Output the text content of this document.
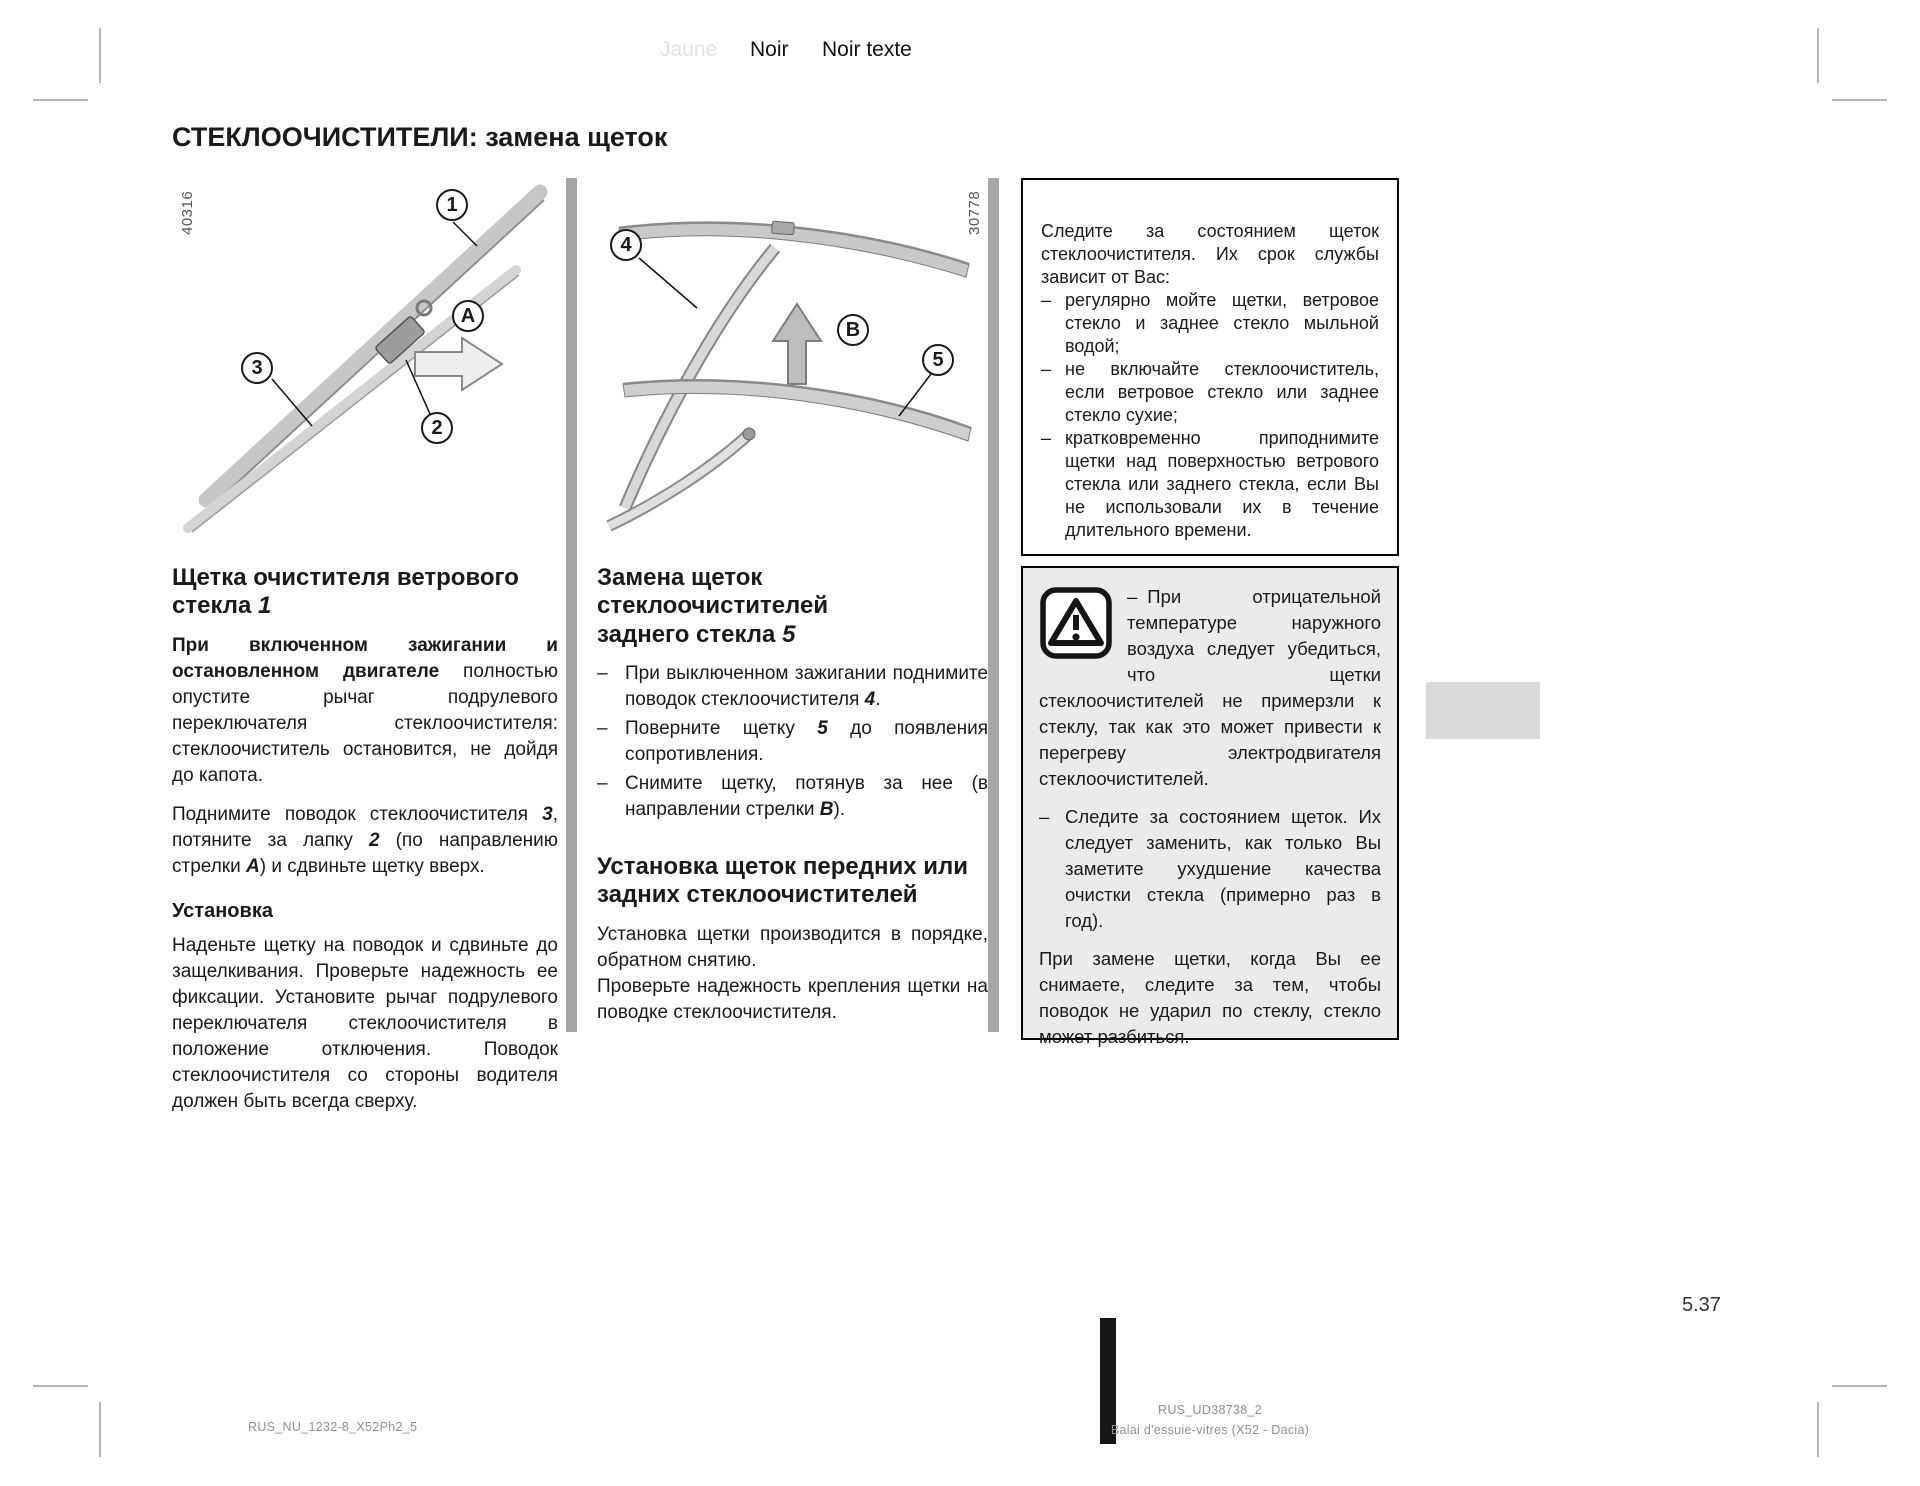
Jaune Noir Noir texte
СТЕКЛООЧИСТИТЕЛИ: замена щеток
40316	1
3
2
A
Щетка очистителя ветрового стекла 1

При включенном зажигании и остановленном двигателе полностью опустите рычаг подрулевого переключателя стеклоочистителя: стеклоочиститель остановится, не дойдя до капота.

Поднимите поводок стеклоочистителя 3, потяните за лапку 2 (по направлению стрелки А) и сдвиньте щетку вверх.

Установка

Наденьте щетку на поводок и сдвиньте до защелкивания. Проверьте надежность ее фиксации. Установите рычаг подрулевого переключателя стеклоочистителя в положение отключения. Поводок стеклоочистителя со стороны водителя должен быть всегда сверху.

30778
4
B
5
Замена щеток стеклоочистителей заднего стекла 5
– При выключенном зажигании поднимите поводок стеклоочистителя 4.
– Поверните щетку 5 до появления сопротивления.
– Снимите щетку, потянув за нее (в направлении стрелки B).
Установка щеток передних или задних стеклоочистителей

Установка щетки производится в порядке, обратном снятию.

Проверьте надежность крепления щетки на поводке стеклоочистителя.

Следите за состоянием щеток стеклоочистителя. Их срок службы зависит от Вас:

– регулярно мойте щетки, ветровое стекло и заднее стекло мыльной водой;
– не включайте стеклоочиститель, если ветровое стекло или заднее стекло сухие;
– кратковременно приподнимите щетки над поверхностью ветрового стекла или заднего стекла, если Вы не использовали их в течение длительного времени.

– При отрицательной температуре наружного воздуха следует убедиться, что щетки стеклоочистителей не примерзли к стеклу, так как это может привести к перегреву электродвигателя стеклоочистителей.

– Следите за состоянием щеток. Их следует заменить, как только Вы заметите ухудшение качества очистки стекла (примерно раз в год).

При замене щетки, когда Вы ее снимаете, следите за тем, чтобы поводок не ударил по стеклу, стекло может разбиться.

5.37
RUS_NU_1232-8_X52Ph2_5
RUS_UD38738_2
Balai d'essuie-vitres (X52 - Dacia)
